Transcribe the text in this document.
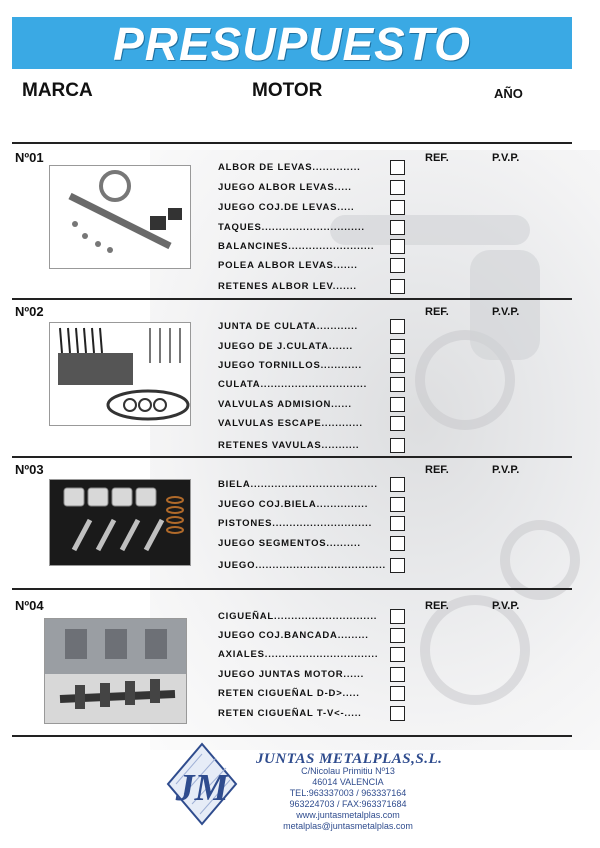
PRESUPUESTO
MARCA	MOTOR	AÑO
Nº01	REF.	P.V.P.
ALBOR DE LEVAS..............
JUEGO ALBOR LEVAS.....
JUEGO COJ.DE LEVAS.....
TAQUES..............................
BALANCINES.........................
POLEA ALBOR LEVAS.......
RETENES ALBOR LEV.......
Nº02	REF.	P.V.P.
JUNTA DE CULATA............
JUEGO DE J.CULATA.......
JUEGO TORNILLOS............
CULATA...............................
VALVULAS ADMISION......
VALVULAS ESCAPE............
RETENES VAVULAS...........
Nº03	REF.	P.V.P.
BIELA.....................................
JUEGO COJ.BIELA...............
PISTONES.............................
JUEGO SEGMENTOS..........
JUEGO......................................
Nº04	REF.	P.V.P.
CIGUEÑAL..............................
JUEGO COJ.BANCADA.........
AXIALES.................................
JUEGO JUNTAS MOTOR......
RETEN CIGUEÑAL D-D>.....
RETEN CIGUEÑAL T-V<-.....
JM
JUNTAS METALPLAS,S.L.
C/Nicolau Primitiu Nº13
46014 VALENCIA
TEL:963337003 / 963337164
963224703 / FAX:963371684
www.juntasmetalplas.com
metalplas@juntasmetalplas.com
